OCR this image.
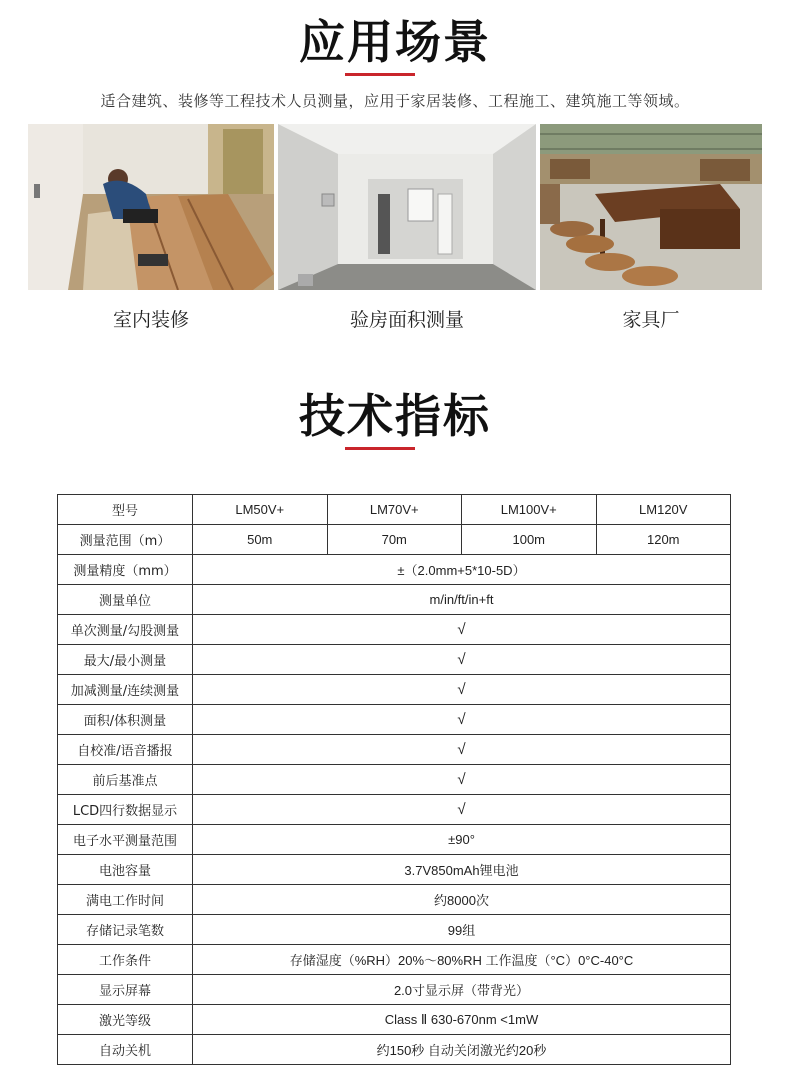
应用场景
适合建筑、装修等工程技术人员测量，应用于家居装修、工程施工、建筑施工等领域。
室内装修	验房面积测量	家具厂
技术指标
型号	LM50V+	LM70V+	LM100V+	LM120V
测量范围（m）	50m	70m	100m	120m
测量精度（mm）	±（2.0mm+5*10-5D）			
测量单位	m/in/ft/in+ft			
单次测量/勾股测量	√			
最大/最小测量	√			
加减测量/连续测量	√			
面积/体积测量	√			
自校准/语音播报	√			
前后基准点	√			
LCD四行数据显示	√			
电子水平测量范围	±90°			
电池容量	3.7V850mAh锂电池			
满电工作时间	约8000次			
存储记录笔数	99组			
工作条件	存储湿度（%RH）20%～80%RH 工作温度（°C）0°C-40°C			
显示屏幕	2.0寸显示屏（带背光）			
激光等级	Class Ⅱ 630-670nm <1mW			
自动关机	约150秒 自动关闭激光约20秒			
